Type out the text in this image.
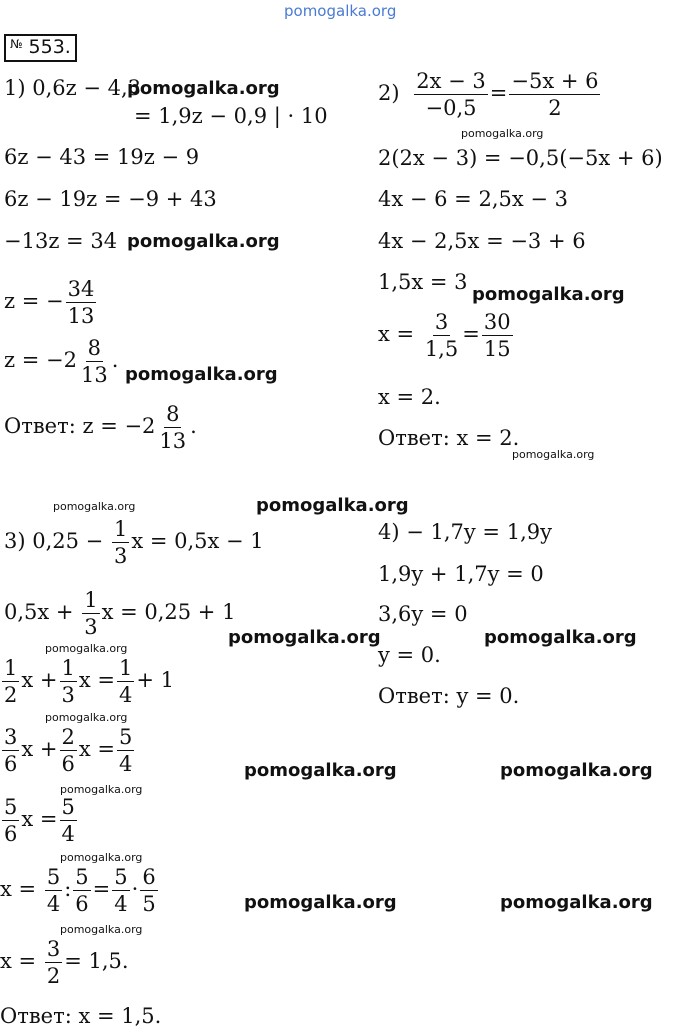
pomogalka.org
№ 553.
1) 0,6z − 4,3
= 1,9z − 0,9 | · 10
6z − 43 = 19z − 9
6z − 19z = −9 + 43
−13z = 34
z = − $\frac{34}{13}$
$z = -2 \frac{8}{13}$ .
Ответ: $z = -2 \frac{8}{13}$ .
$2) \frac{2x - 3}{-0,5} = \frac{-5x + 6}{2}$
2(2x − 3) = −0,5(−5x + 6)
4x − 6 = 2,5x − 3
4x − 2,5x = −3 + 6
1,5x = 3
$x = \frac{3}{1,5} = \frac{30}{15}$
x = 2.
Ответ: x = 2.
3) $0,25 - \frac{1}{3}$ x = 0,5x − 1
$0,5x + \frac{1}{3}$ x = 0,25 + 1
$\frac{1}{2}$ $x + \frac{1}{3}$ $x = \frac{1}{4} + 1$
$\frac{3}{6}$ $x + \frac{2}{6}$ $x = \frac{5}{4}$
$\frac{5}{6}$ $x = \frac{5}{4}$
$x = \frac{5}{4}$ : $\frac{5}{6} = \frac{5}{4} \cdot \frac{6}{5}$
$x = \frac{3}{2} = 1,5$.
Ответ: x = 1,5.
4) − 1,7y = 1,9y
1,9y + 1,7y = 0
3,6y = 0
y = 0.
Ответ: y = 0.
pomogalka.org
pomogalka.org
pomogalka.org
pomogalka.org
pomogalka.org
pomogalka.org
pomogalka.org	pomogalka.org
pomogalka.org	pomogalka.org
pomogalka.org
pomogalka.org
pomogalka.org	pomogalka.org
pomogalka.org
pomogalka.org
pomogalka.org	pomogalka.org
pomogalka.org
